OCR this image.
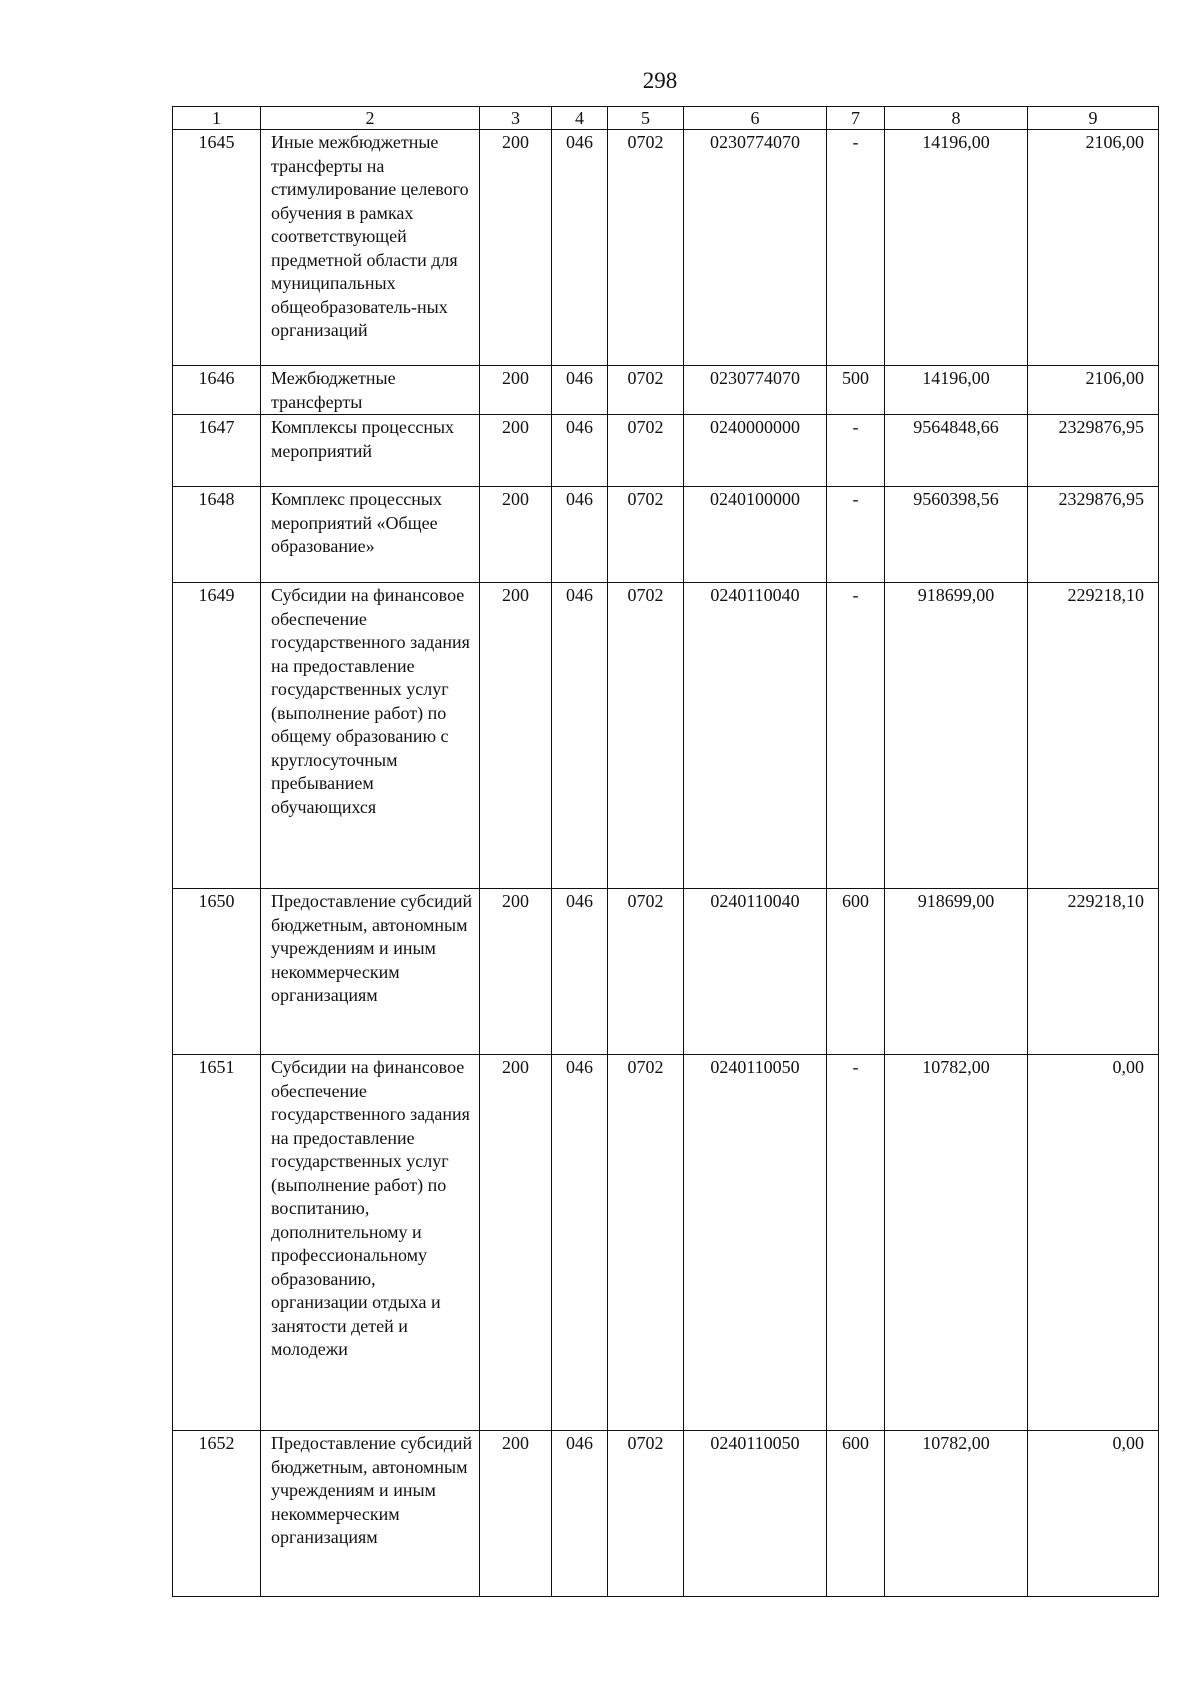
298
1	2	3	4	5	6	7	8	9
1645	Иные межбюджетные трансферты на стимулирование целевого обучения в рамках соответствующей предметной области для муниципальных общеобразователь-ных организаций	200	046	0702	0230774070	-	14196,00	2106,00
1646	Межбюджетные трансферты	200	046	0702	0230774070	500	14196,00	2106,00
1647	Комплексы процессных мероприятий	200	046	0702	0240000000	-	9564848,66	2329876,95
1648	Комплекс процессных мероприятий «Общее образование»	200	046	0702	0240100000	-	9560398,56	2329876,95
1649	Субсидии на финансовое обеспечение государственного задания на предоставление государственных услуг (выполнение работ) по общему образованию с круглосуточным пребыванием обучающихся	200	046	0702	0240110040	-	918699,00	229218,10
1650	Предоставление субсидий бюджетным, автономным учреждениям и иным некоммерческим организациям	200	046	0702	0240110040	600	918699,00	229218,10
1651	Субсидии на финансовое обеспечение государственного задания на предоставление государственных услуг (выполнение работ) по воспитанию, дополнительному и профессиональному образованию, организации отдыха и занятости детей и молодежи	200	046	0702	0240110050	-	10782,00	0,00
1652	Предоставление субсидий бюджетным, автономным учреждениям и иным некоммерческим организациям	200	046	0702	0240110050	600	10782,00	0,00
